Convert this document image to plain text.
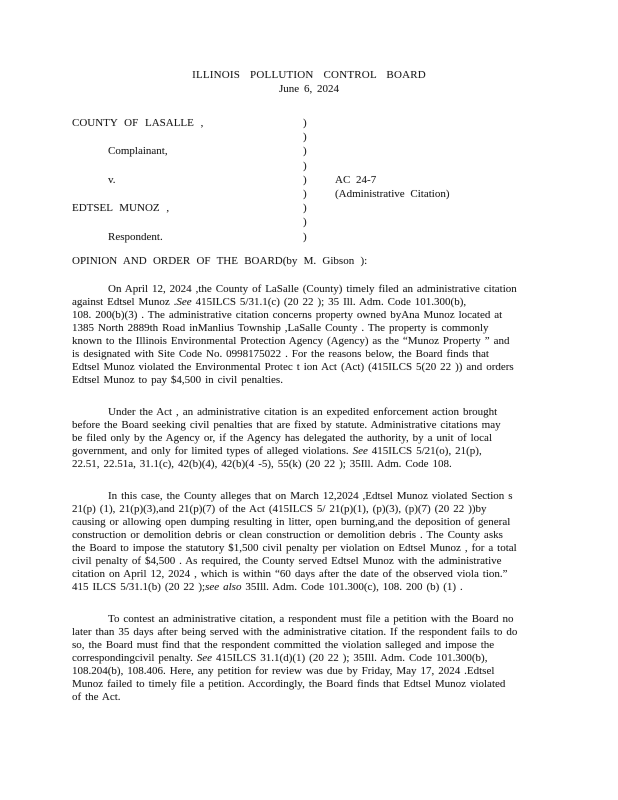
ILLINOIS POLLUTION CONTROL BOARD
June 6, 2024
COUNTY OF LASALLE ,	)
)
Complainant,	)
)
v.	)	AC 24-7
)	(Administrative Citation)
EDTSEL MUNOZ ,	)
)
Respondent.	)
OPINION AND ORDER OF THE BOARD(by M. Gibson ):
On April 12, 2024 ,the County of LaSalle (County) timely filed an administrative citation
against Edtsel Munoz .See 415ILCS 5/31.1(c) (20 22 ); 35 Ill. Adm. Code 101.300(b),
108. 200(b)(3) . The administrative citation concerns property owned byAna Munoz located at
1385 North 2889th Road inManlius Township ,LaSalle County . The property is commonly
known to the Illinois Environmental Protection Agency (Agency) as the “Munoz Property ” and
is designated with Site Code No. 0998175022 . For the reasons below, the Board finds that
Edtsel Munoz violated the Environmental Protec t ion Act (Act) (415ILCS 5(20 22 )) and orders
Edtsel Munoz to pay $4,500 in civil penalties.
Under the Act , an administrative citation is an expedited enforcement action brought
before the Board seeking civil penalties that are fixed by statute. Administrative citations may
be filed only by the Agency or, if the Agency has delegated the authority, by a unit of local
government, and only for limited types of alleged violations. See 415ILCS 5/21(o), 21(p),
22.51, 22.51a, 31.1(c), 42(b)(4), 42(b)(4 -5), 55(k) (20 22 ); 35Ill. Adm. Code 108.
In this case, the County alleges that on March 12,2024 ,Edtsel Munoz violated Section s
21(p) (1), 21(p)(3),and 21(p)(7) of the Act (415ILCS 5/ 21(p)(1), (p)(3), (p)(7) (20 22 ))by
causing or allowing open dumping resulting in litter, open burning,and the deposition of general
construction or demolition debris or clean construction or demolition debris . The County asks
the Board to impose the statutory $1,500 civil penalty per violation on Edtsel Munoz , for a total
civil penalty of $4,500 . As required, the County served Edtsel Munoz with the administrative
citation on April 12, 2024 , which is within “60 days after the date of the observed viola tion.”
415 ILCS 5/31.1(b) (20 22 );see also 35Ill. Adm. Code 101.300(c), 108. 200 (b) (1) .
To contest an administrative citation, a respondent must file a petition with the Board no
later than 35 days after being served with the administrative citation. If the respondent fails to do
so, the Board must find that the respondent committed the violation salleged and impose the
correspondingcivil penalty. See 415ILCS 31.1(d)(1) (20 22 ); 35Ill. Adm. Code 101.300(b),
108.204(b), 108.406. Here, any petition for review was due by Friday, May 17, 2024 .Edtsel
Munoz failed to timely file a petition. Accordingly, the Board finds that Edtsel Munoz violated
of the Act.
